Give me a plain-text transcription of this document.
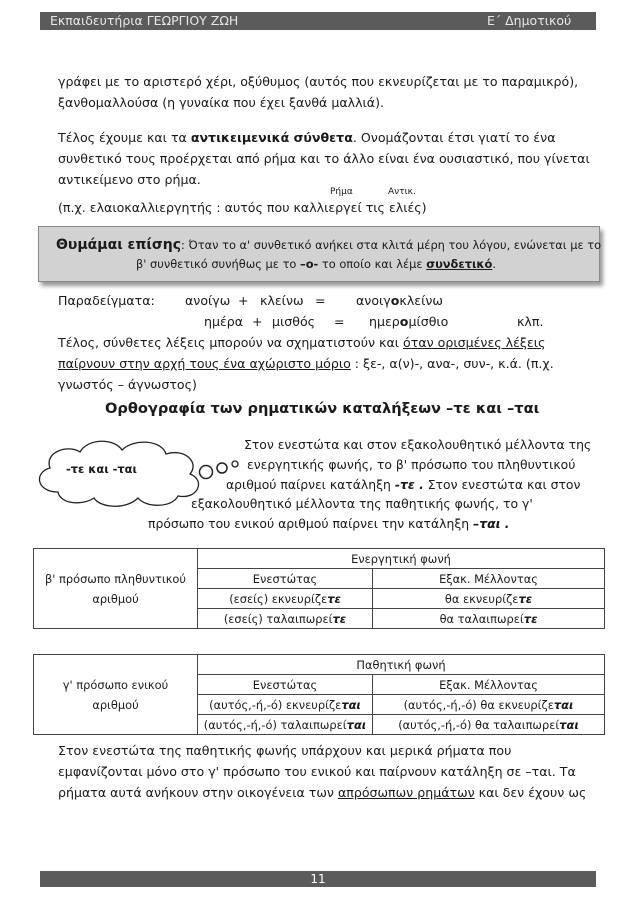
Εκπαιδευτήρια ΓΕΩΡΓΙΟΥ ΖΩΗ	Ε΄ Δημοτικού
γράφει με το αριστερό χέρι, οξύθυμος (αυτός που εκνευρίζεται με το παραμικρό),
ξανθομαλλούσα (η γυναίκα που έχει ξανθά μαλλιά).
Τέλος έχουμε και τα αντικειμενικά σύνθετα. Ονομάζονται έτσι γιατί το ένα
συνθετικό τους προέρχεται από ρήμα και το άλλο είναι ένα ουσιαστικό, που γίνεται
αντικείμενο στο ρήμα.
Ρήμα	Αντικ.
(π.χ. ελαιοκαλλιεργητής : αυτός που καλλιεργεί τις ελιές)
Θυμάμαι επίσης: Όταν το α' συνθετικό ανήκει στα κλιτά μέρη του λόγου, ενώνεται με το
β' συνθετικό συνήθως με το –ο- το οποίο και λέμε συνδετικό.
Παραδείγματα: ανοίγω + κλείνω = ανοιγοκλείνω
ημέρα + μισθός = ημερομίσθιο	κλπ.
Τέλος, σύνθετες λέξεις μπορούν να σχηματιστούν και όταν ορισμένες λέξεις
παίρνουν στην αρχή τους ένα αχώριστο μόριο : ξε-, α(ν)-, ανα-, συν-, κ.ά. (π.χ.
γνωστός – άγνωστος)
Ορθογραφία των ρηματικών καταλήξεων –τε και –ται
-τε και -ται
Στον ενεστώτα και στον εξακολουθητικό μέλλοντα της
ενεργητικής φωνής, το β' πρόσωπο του πληθυντικού
αριθμού παίρνει κατάληξη -τε . Στον ενεστώτα και στον
εξακολουθητικό μέλλοντα της παθητικής φωνής, το γ'
πρόσωπο του ενικού αριθμού παίρνει την κατάληξη –ται .
	Ενεργητική φωνή	
β' πρόσωπο πληθυντικού	Ενεστώτας	Εξακ. Μέλλοντας
αριθμού	(εσείς) εκνευρίζετε	θα εκνευρίζετε
	(εσείς) ταλαιπωρείτε	θα ταλαιπωρείτε
	Παθητική φωνή	
γ' πρόσωπο ενικού	Ενεστώτας	Εξακ. Μέλλοντας
αριθμού	(αυτός,-ή,-ό) εκνευρίζεται	(αυτός,-ή,-ό) θα εκνευρίζεται
	(αυτός,-ή,-ό) ταλαιπωρείται	(αυτός,-ή,-ό) θα ταλαιπωρείται
Στον ενεστώτα της παθητικής φωνής υπάρχουν και μερικά ρήματα που
εμφανίζονται μόνο στο γ' πρόσωπο του ενικού και παίρνουν κατάληξη σε –ται. Τα
ρήματα αυτά ανήκουν στην οικογένεια των απρόσωπων ρημάτων και δεν έχουν ως
11
